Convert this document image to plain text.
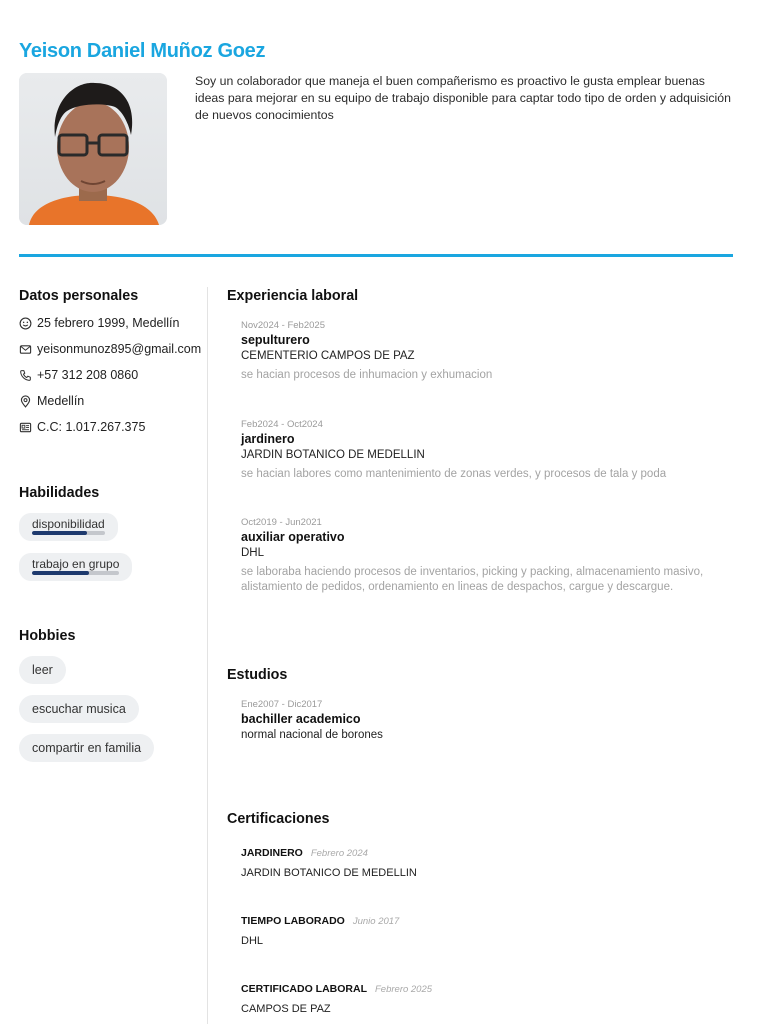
Yeison Daniel Muñoz Goez
Soy un colaborador que maneja el buen compañerismo es proactivo le gusta emplear buenas ideas para mejorar en su equipo de trabajo disponible para captar todo tipo de orden y adquisición de nuevos conocimientos
Datos personales
25 febrero 1999, Medellín
yeisonmunoz895@gmail.com
+57 312 208 0860
Medellín
C.C: 1.017.267.375
Habilidades
disponibilidad

trabajo en grupo
Hobbies
leer
escuchar musica
compartir en familia
Experiencia laboral
Nov2024 - Feb2025
sepulturero
CEMENTERIO CAMPOS DE PAZ
se hacian procesos de inhumacion y exhumacion
Feb2024 - Oct2024
jardinero
JARDIN BOTANICO DE MEDELLIN
se hacian labores como mantenimiento de zonas verdes, y procesos de tala y poda
Oct2019 - Jun2021
auxiliar operativo
DHL
se laboraba haciendo procesos de inventarios, picking y packing, almacenamiento masivo, alistamiento de pedidos, ordenamiento en lineas de despachos, cargue y descargue.
Estudios
Ene2007 - Dic2017
bachiller academico
normal nacional de borones
Certificaciones
JARDINERO Febrero 2024
JARDIN BOTANICO DE MEDELLIN
TIEMPO LABORADO Junio 2017
DHL
CERTIFICADO LABORAL Febrero 2025
CAMPOS DE PAZ
